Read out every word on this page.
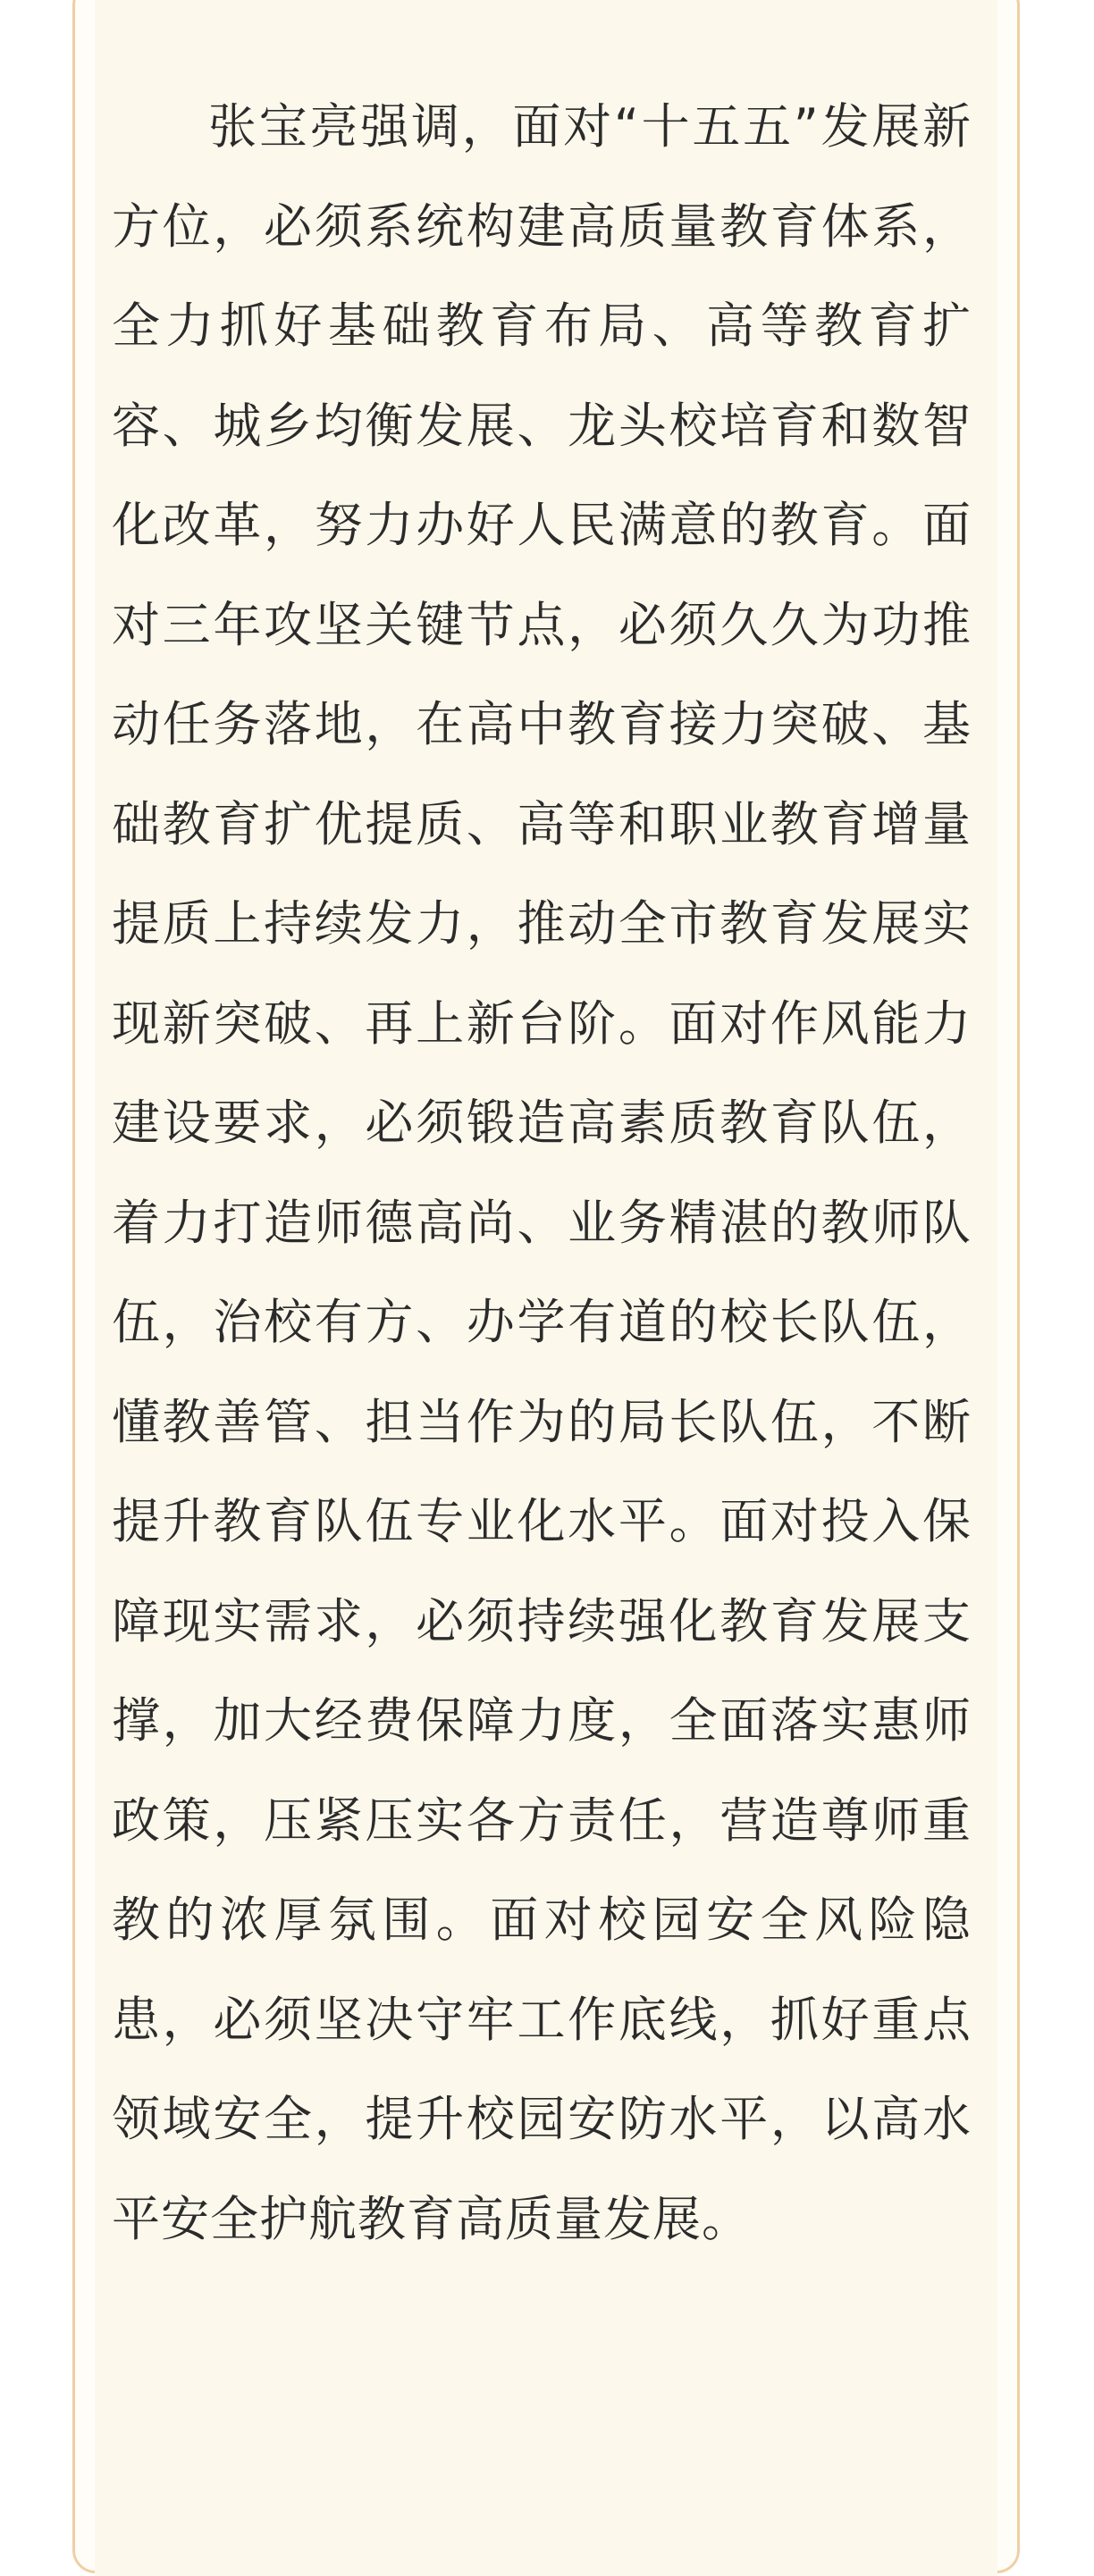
张宝亮强调，面对“十五五”发展新方位，必须系统构建高质量教育体系，全力抓好基础教育布局、高等教育扩容、城乡均衡发展、龙头校培育和数智化改革，努力办好人民满意的教育。面对三年攻坚关键节点，必须久久为功推动任务落地，在高中教育接力突破、基础教育扩优提质、高等和职业教育增量提质上持续发力，推动全市教育发展实现新突破、再上新台阶。面对作风能力建设要求，必须锻造高素质教育队伍，着力打造师德高尚、业务精湛的教师队伍，治校有方、办学有道的校长队伍，懂教善管、担当作为的局长队伍，不断提升教育队伍专业化水平。面对投入保障现实需求，必须持续强化教育发展支撑，加大经费保障力度，全面落实惠师政策，压紧压实各方责任，营造尊师重教的浓厚氛围。面对校园安全风险隐患，必须坚决守牢工作底线，抓好重点领域安全，提升校园安防水平，以高水平安全护航教育高质量发展。
